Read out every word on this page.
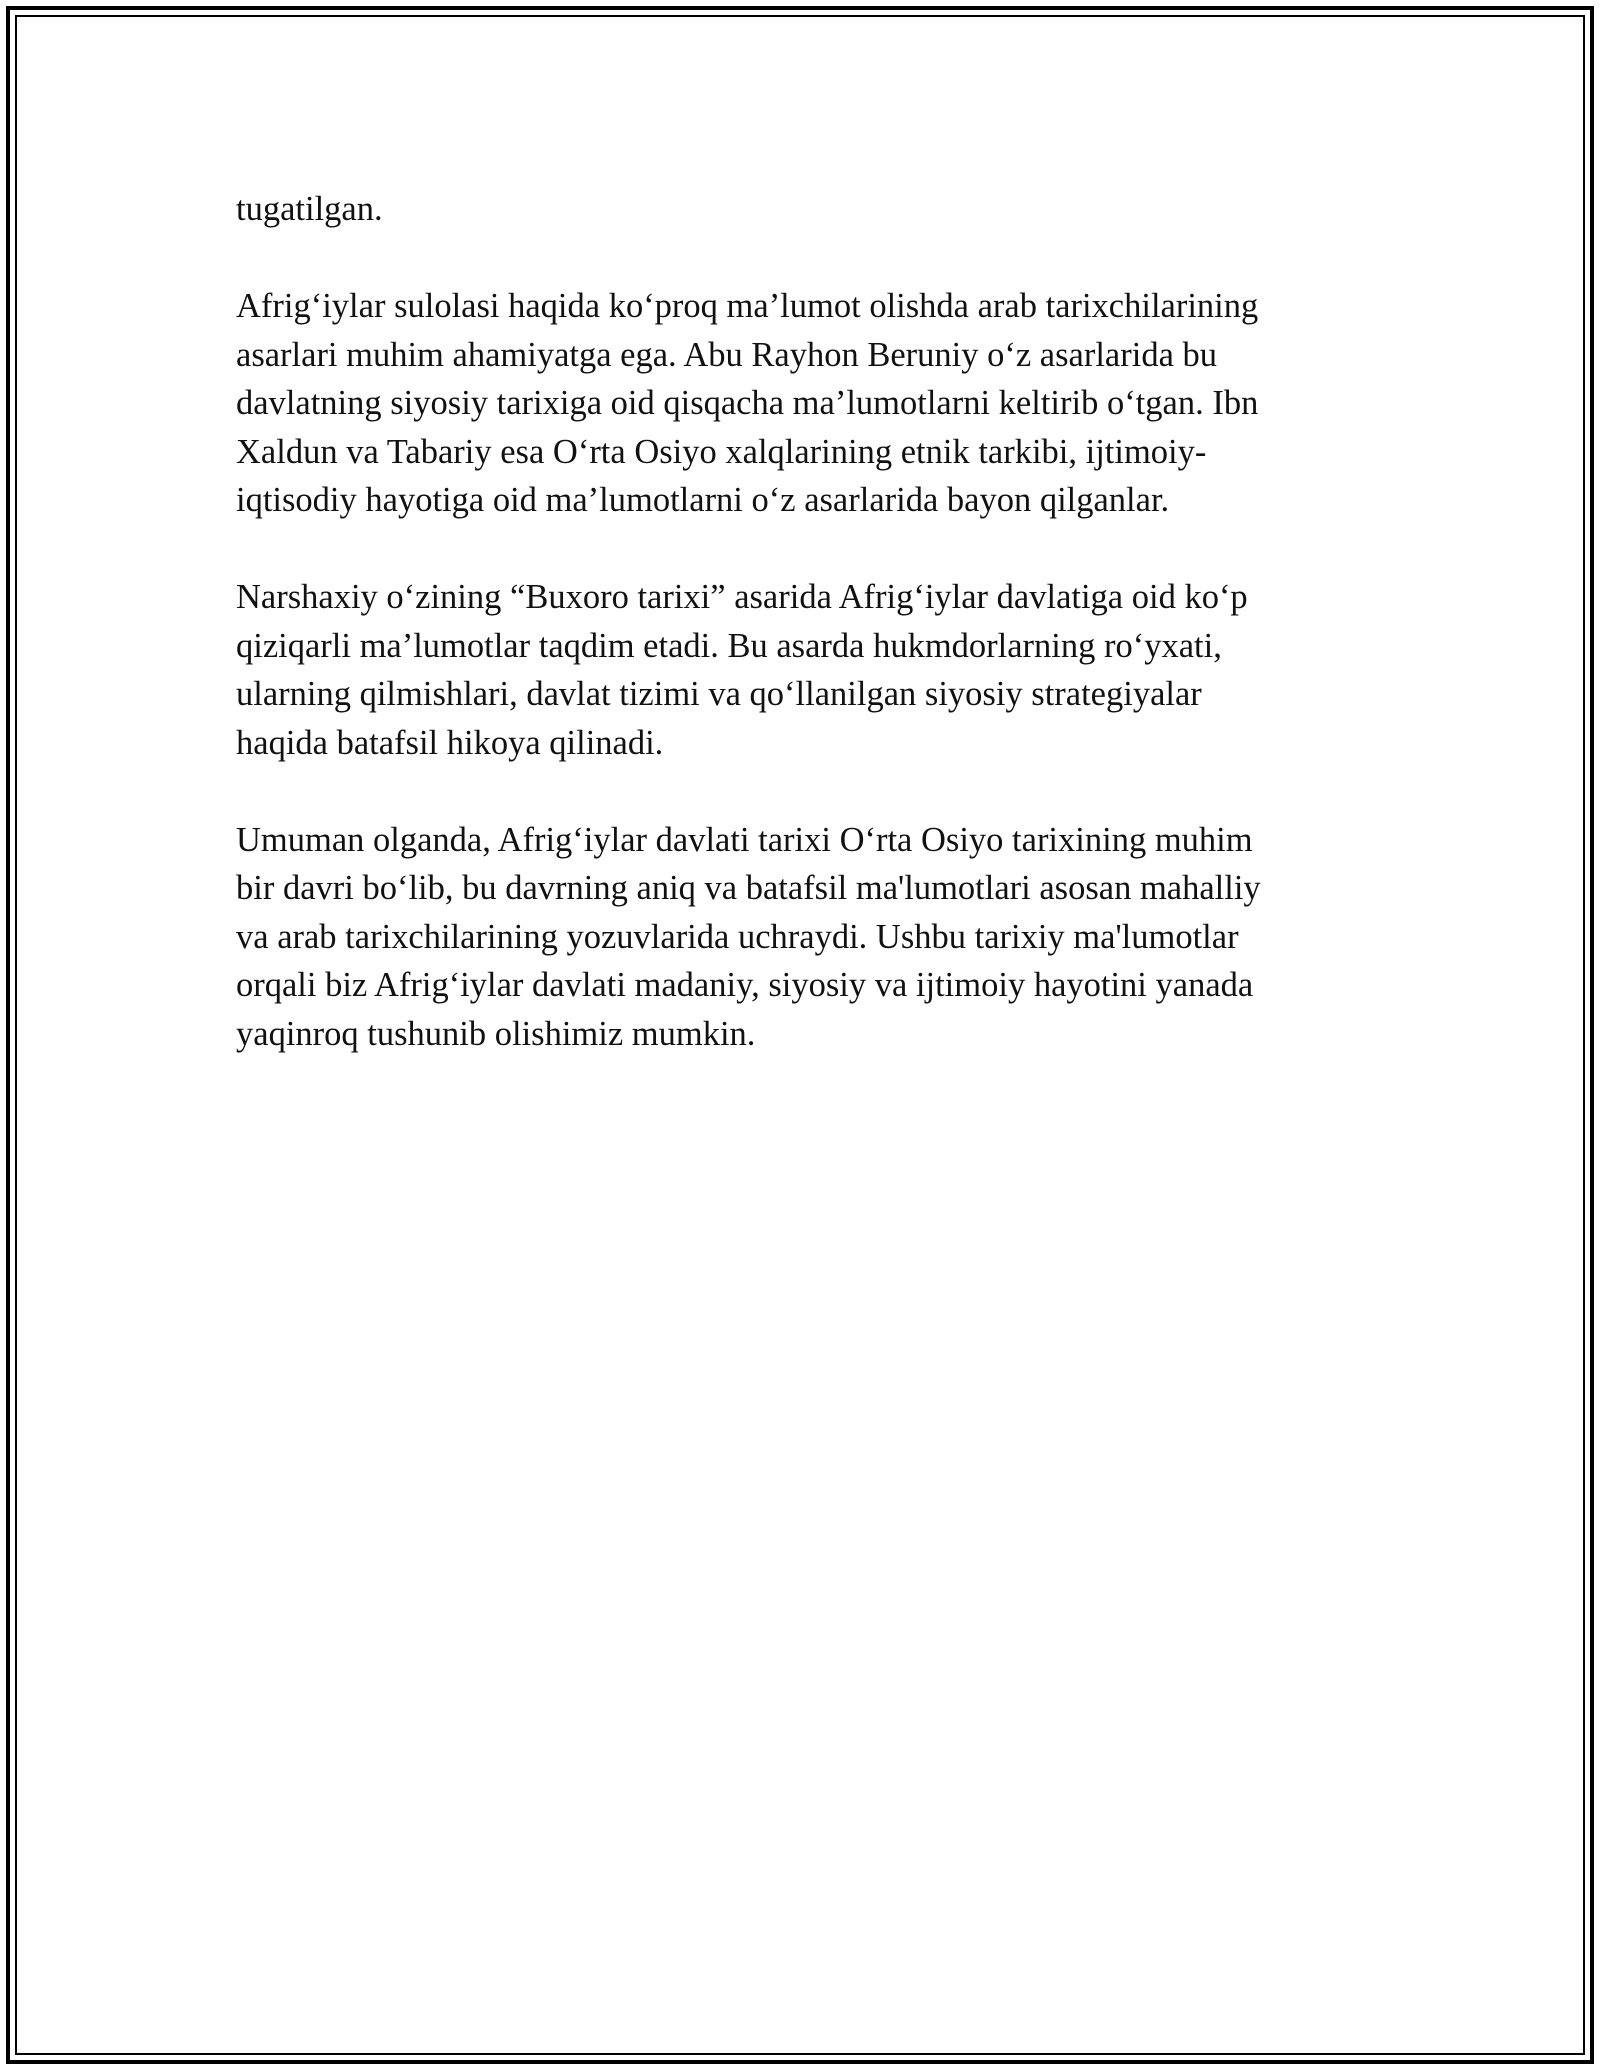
tugatilgan.

Afrig‘iylar sulolasi haqida ko‘proq ma’lumot olishda arab tarixchilarining
asarlari muhim ahamiyatga ega. Abu Rayhon Beruniy o‘z asarlarida bu
davlatning siyosiy tarixiga oid qisqacha ma’lumotlarni keltirib o‘tgan. Ibn
Xaldun va Tabariy esa O‘rta Osiyo xalqlarining etnik tarkibi, ijtimoiy-
iqtisodiy hayotiga oid ma’lumotlarni o‘z asarlarida bayon qilganlar.

Narshaxiy o‘zining “Buxoro tarixi” asarida Afrig‘iylar davlatiga oid ko‘p
qiziqarli ma’lumotlar taqdim etadi. Bu asarda hukmdorlarning ro‘yxati,
ularning qilmishlari, davlat tizimi va qo‘llanilgan siyosiy strategiyalar
haqida batafsil hikoya qilinadi.

Umuman olganda, Afrig‘iylar davlati tarixi O‘rta Osiyo tarixining muhim
bir davri bo‘lib, bu davrning aniq va batafsil ma'lumotlari asosan mahalliy
va arab tarixchilarining yozuvlarida uchraydi. Ushbu tarixiy ma'lumotlar
orqali biz Afrig‘iylar davlati madaniy, siyosiy va ijtimoiy hayotini yanada
yaqinroq tushunib olishimiz mumkin.
